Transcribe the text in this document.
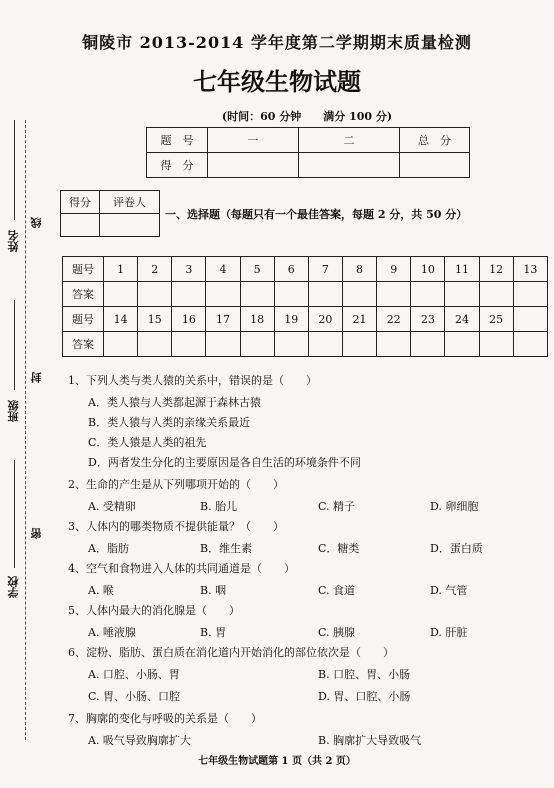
铜陵市 2013-2014 学年度第二学期期末质量检测
七年级生物试题
(时间：60 分钟　　满分 100 分)
题　号	一	二	总　分
得　分			
得分	评卷人

一、选择题（每题只有一个最佳答案，每题 2 分，共 50 分）
题号	1	2	3	4	5	6	7	8	9	10	11	12	13
答案													
题号	14	15	16	17	18	19	20	21	22	23	24	25	
答案													
姓名
线
班级
封
学校
密
1、下列人类与类人猿的关系中，错误的是（　　）
A．类人猿与人类都起源于森林古猿
B．类人猿与人类的亲缘关系最近
C．类人猿是人类的祖先
D．两者发生分化的主要原因是各自生活的环境条件不同
2、生命的产生是从下列哪项开始的（　　）
A. 受精卵	B. 胎儿	C. 精子	D. 卵细胞
3、人体内的哪类物质不提供能量？（　　）
A．脂肪	B．维生素	C．糖类	D．蛋白质
4、空气和食物进入人体的共同通道是（　　）
A. 喉	B. 咽	C. 食道	D. 气管
5、人体内最大的消化腺是（　　）
A. 唾液腺	B. 胃	C. 胰腺	D. 肝脏
6、淀粉、脂肪、蛋白质在消化道内开始消化的部位依次是（　　）
A. 口腔、小肠、胃	B. 口腔、胃、小肠
C. 胃、小肠、口腔	D. 胃、口腔、小肠
7、胸廓的变化与呼吸的关系是（　　）
A. 吸气导致胸廓扩大	B. 胸廓扩大导致吸气
七年级生物试题第 1 页（共 2 页）
